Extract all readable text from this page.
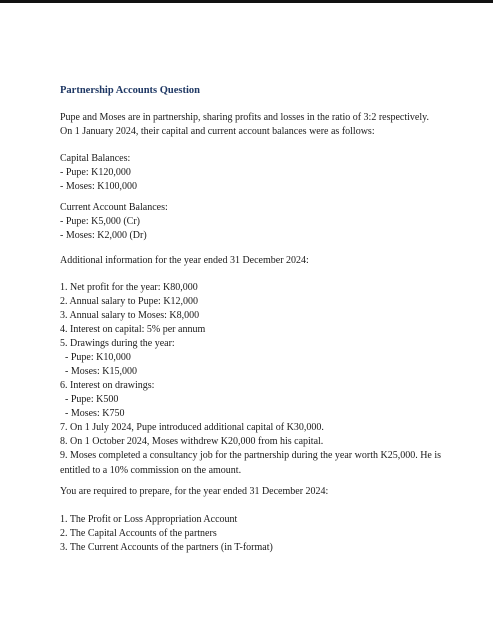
Partnership Accounts Question
Pupe and Moses are in partnership, sharing profits and losses in the ratio of 3:2 respectively.
On 1 January 2024, their capital and current account balances were as follows:
Capital Balances:
- Pupe: K120,000
- Moses: K100,000
Current Account Balances:
- Pupe: K5,000 (Cr)
- Moses: K2,000 (Dr)
Additional information for the year ended 31 December 2024:
1. Net profit for the year: K80,000
2. Annual salary to Pupe: K12,000
3. Annual salary to Moses: K8,000
4. Interest on capital: 5% per annum
5. Drawings during the year:
- Pupe: K10,000
- Moses: K15,000
6. Interest on drawings:
- Pupe: K500
- Moses: K750
7. On 1 July 2024, Pupe introduced additional capital of K30,000.
8. On 1 October 2024, Moses withdrew K20,000 from his capital.
9. Moses completed a consultancy job for the partnership during the year worth K25,000. He is entitled to a 10% commission on the amount.
You are required to prepare, for the year ended 31 December 2024:
1. The Profit or Loss Appropriation Account
2. The Capital Accounts of the partners
3. The Current Accounts of the partners (in T-format)
